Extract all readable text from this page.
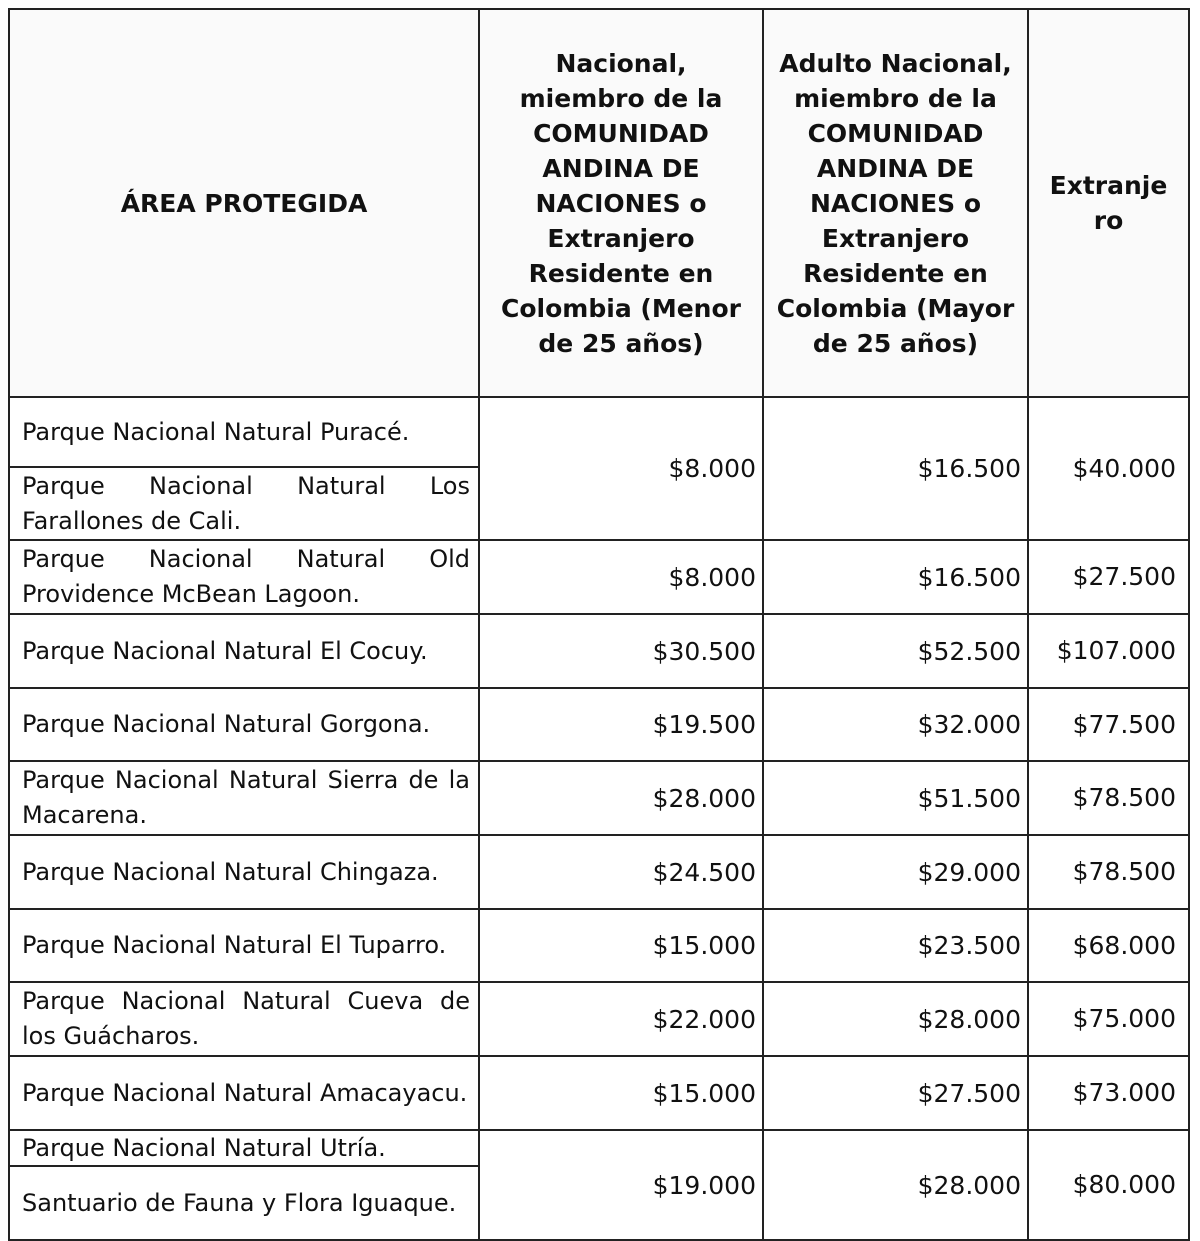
ÁREA PROTEGIDA	Nacional, miembro de la COMUNIDAD ANDINA DE NACIONES o Extranjero Residente en Colombia (Menor de 25 años)	Adulto Nacional, miembro de la COMUNIDAD ANDINA DE NACIONES o Extranjero Residente en Colombia (Mayor de 25 años)	Extranjero

Parque Nacional Natural Puracé.
Parque Nacional Natural Los Farallones de Cali.	$8.000	$16.500	$40.000

Parque Nacional Natural Old Providence McBean Lagoon.	$8.000	$16.500	$27.500

Parque Nacional Natural El Cocuy.	$30.500	$52.500	$107.000

Parque Nacional Natural Gorgona.	$19.500	$32.000	$77.500

Parque Nacional Natural Sierra de la Macarena.	$28.000	$51.500	$78.500

Parque Nacional Natural Chingaza.	$24.500	$29.000	$78.500

Parque Nacional Natural El Tuparro.	$15.000	$23.500	$68.000

Parque Nacional Natural Cueva de los Guácharos.	$22.000	$28.000	$75.000

Parque Nacional Natural Amacayacu.	$15.000	$27.500	$73.000

Parque Nacional Natural Utría.
Santuario de Fauna y Flora Iguaque.	$19.000	$28.000	$80.000
